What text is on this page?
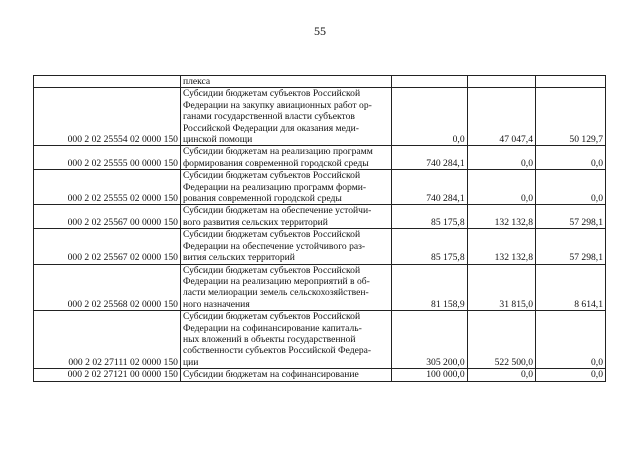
55

	плекса			

000 2 02 25554 02 0000 150	Субсидии бюджетам субъектов Российской
Федерации на закупку авиационных работ ор-
ганами государственной власти субъектов
Российской Федерации для оказания меди-
цинской помощи	0,0	47 047,4	50 129,7
000 2 02 25555 00 0000 150	Субсидии бюджетам на реализацию программ
формирования современной городской среды	740 284,1	0,0	0,0
000 2 02 25555 02 0000 150	Субсидии бюджетам субъектов Российской
Федерации на реализацию программ форми-
рования современной городской среды	740 284,1	0,0	0,0
000 2 02 25567 00 0000 150	Субсидии бюджетам на обеспечение устойчи-
вого развития сельских территорий	85 175,8	132 132,8	57 298,1
000 2 02 25567 02 0000 150	Субсидии бюджетам субъектов Российской
Федерации на обеспечение устойчивого раз-
вития сельских территорий	85 175,8	132 132,8	57 298,1
000 2 02 25568 02 0000 150	Субсидии бюджетам субъектов Российской
Федерации на реализацию мероприятий в об-
ласти мелиорации земель сельскохозяйствен-
ного назначения	81 158,9	31 815,0	8 614,1
000 2 02 27111 02 0000 150	Субсидии бюджетам субъектов Российской
Федерации на софинансирование капиталь-
ных вложений в объекты государственной
собственности субъектов Российской Федера-
ции	305 200,0	522 500,0	0,0
000 2 02 27121 00 0000 150	Субсидии бюджетам на софинансирование	100 000,0	0,0	0,0
